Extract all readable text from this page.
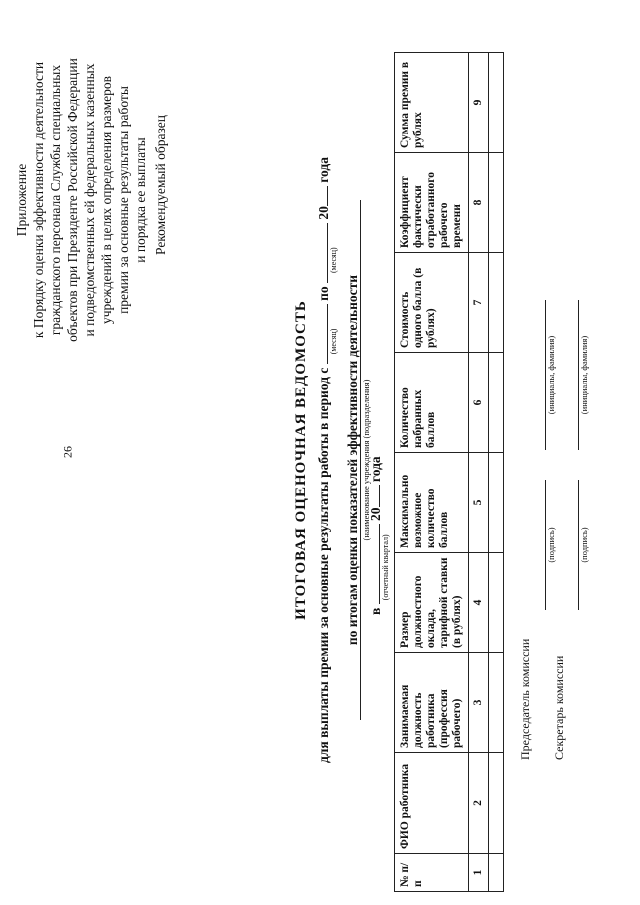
26
Приложение к Порядку оценки эффективности деятельности гражданского персонала Службы специальных объектов при Президенте Российской Федерации и подведомственных ей федеральных казенных учреждений в целях определения размеров премии за основные результаты работы и порядка ее выплаты Рекомендуемый образец
(наименование учреждения (подразделения)
ИТОГОВАЯ ОЦЕНОЧНАЯ ВЕДОМОСТЬ для выплаты премии за основные результаты работы в период с
(месяц)
по
(месяц)
20 года
по итогам оценки показателей эффективности деятельности в
(отчетный квартал)
20 года
№ п/п	ФИО работника	Занимаемая должность работника (профессия рабочего)	Размер должностного оклада, тарифной ставки (в рублях)	Максимально возможное количество баллов	Количество набранных баллов	Стоимость одного балла (в рублях)	Коэффициент фактически отработанного рабочего времени	Сумма премии в рублях
1	2	3	4	5	6	7	8	9

Председатель комиссии
(подпись)
(инициалы, фамилия)
Секретарь комиссии
(подпись)
(инициалы, фамилия)
